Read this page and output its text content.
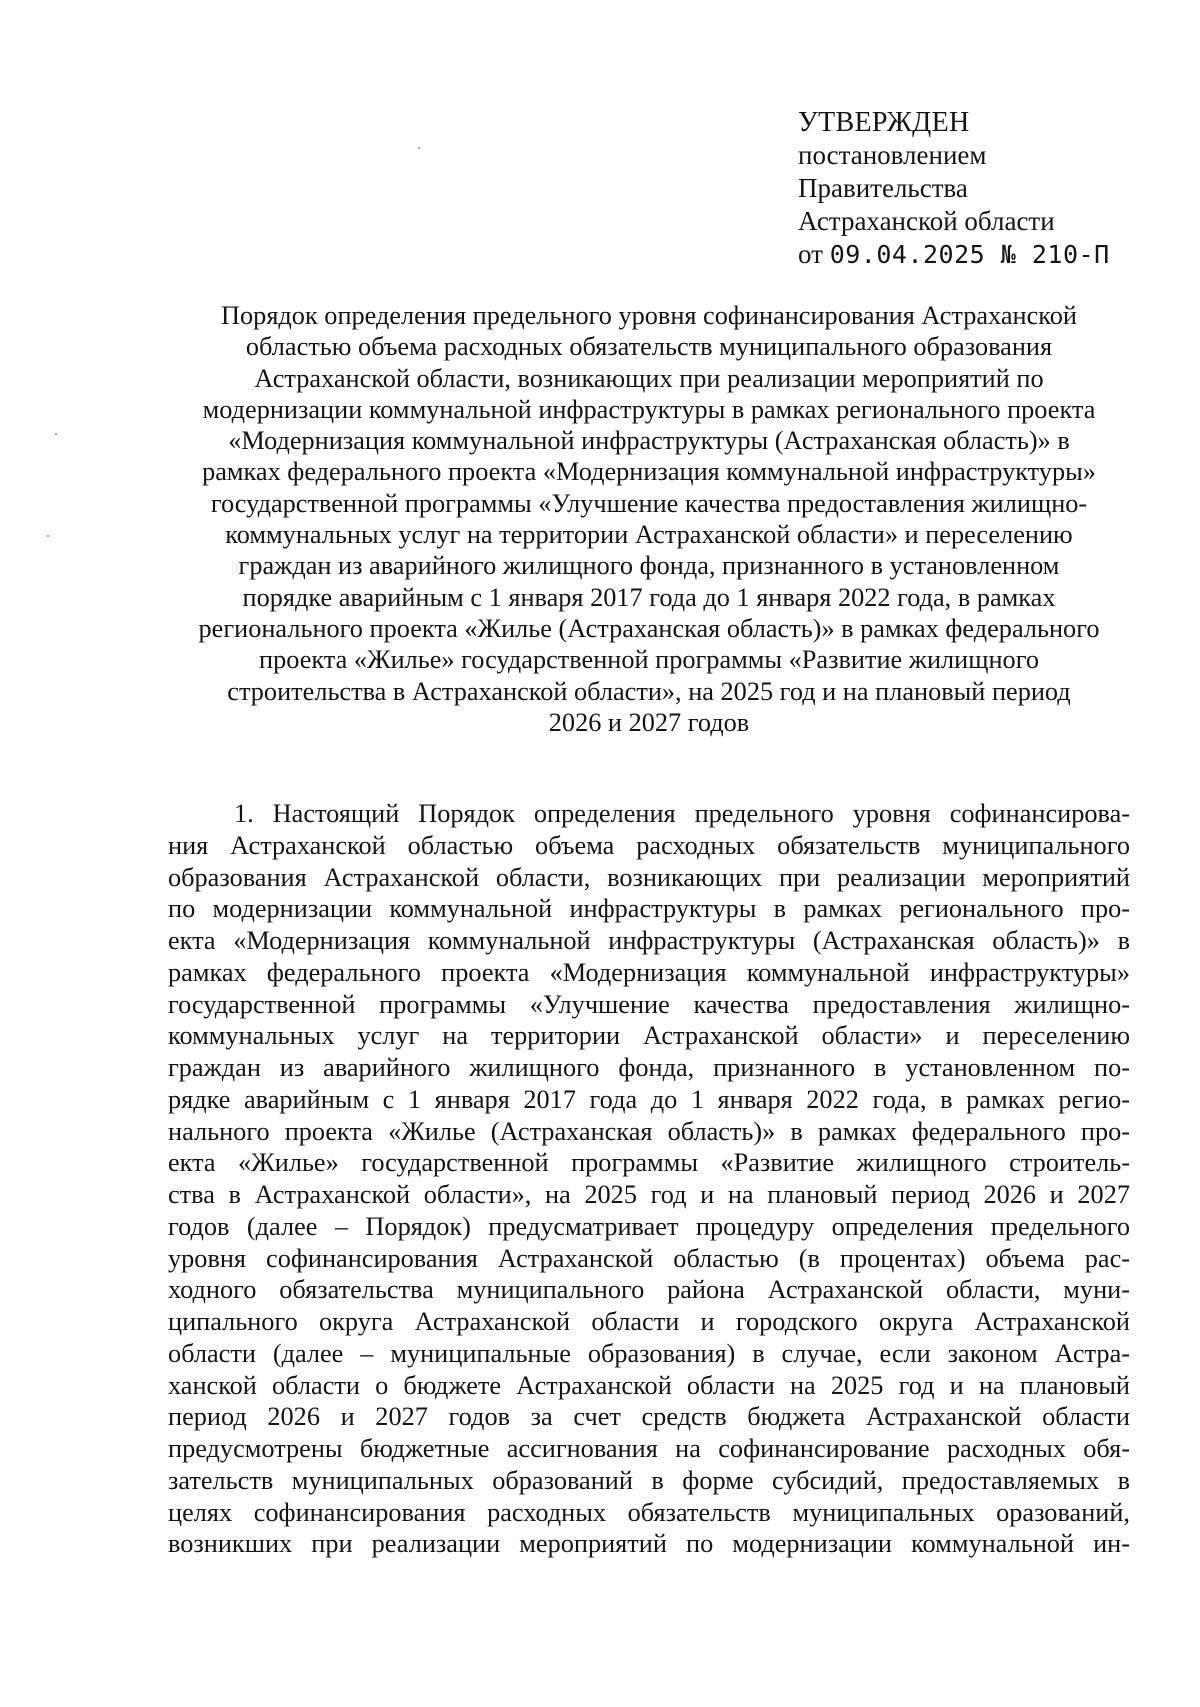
УТВЕРЖДЕН
постановлением
Правительства
Астраханской области
от 09.04.2025 № 210-П
Порядок определения предельного уровня софинансирования Астраханской
областью объема расходных обязательств муниципального образования
Астраханской области, возникающих при реализации мероприятий по
модернизации коммунальной инфраструктуры в рамках регионального проекта
«Модернизация коммунальной инфраструктуры (Астраханская область)» в
рамках федерального проекта «Модернизация коммунальной инфраструктуры»
государственной программы «Улучшение качества предоставления жилищно-
коммунальных услуг на территории Астраханской области» и переселению
граждан из аварийного жилищного фонда, признанного в установленном
порядке аварийным с 1 января 2017 года до 1 января 2022 года, в рамках
регионального проекта «Жилье (Астраханская область)» в рамках федерального
проекта «Жилье» государственной программы «Развитие жилищного
строительства в Астраханской области», на 2025 год и на плановый период
2026 и 2027 годов
1. Настоящий Порядок определения предельного уровня софинансирова-
ния Астраханской областью объема расходных обязательств муниципального
образования Астраханской области, возникающих при реализации мероприятий
по модернизации коммунальной инфраструктуры в рамках регионального про-
екта «Модернизация коммунальной инфраструктуры (Астраханская область)» в
рамках федерального проекта «Модернизация коммунальной инфраструктуры»
государственной программы «Улучшение качества предоставления жилищно-
коммунальных услуг на территории Астраханской области» и переселению
граждан из аварийного жилищного фонда, признанного в установленном по-
рядке аварийным с 1 января 2017 года до 1 января 2022 года, в рамках регио-
нального проекта «Жилье (Астраханская область)» в рамках федерального про-
екта «Жилье» государственной программы «Развитие жилищного строитель-
ства в Астраханской области», на 2025 год и на плановый период 2026 и 2027
годов (далее – Порядок) предусматривает процедуру определения предельного
уровня софинансирования Астраханской областью (в процентах) объема рас-
ходного обязательства муниципального района Астраханской области, муни-
ципального округа Астраханской области и городского округа Астраханской
области (далее – муниципальные образования) в случае, если законом Астра-
ханской области о бюджете Астраханской области на 2025 год и на плановый
период 2026 и 2027 годов за счет средств бюджета Астраханской области
предусмотрены бюджетные ассигнования на софинансирование расходных обя-
зательств муниципальных образований в форме субсидий, предоставляемых в
целях софинансирования расходных обязательств муниципальных оразований,
возникших при реализации мероприятий по модернизации коммунальной ин-
